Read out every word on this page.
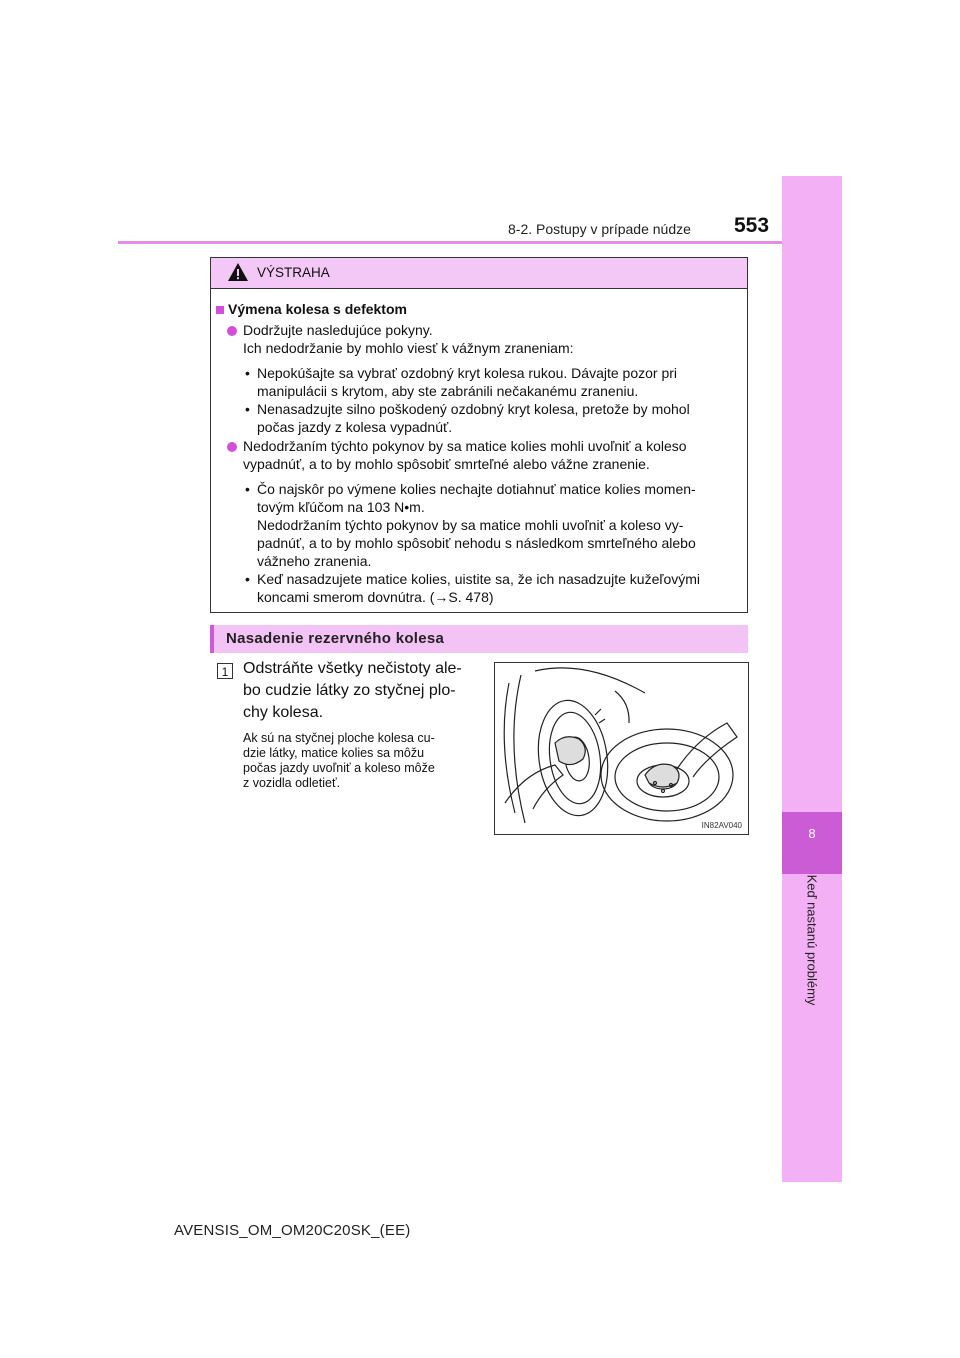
8
Keď nastanú problémy
8-2. Postupy v prípade núdze 553
VÝSTRAHA
Výmena kolesa s defektom
Dodržujte nasledujúce pokyny.
Ich nedodržanie by mohlo viesť k vážnym zraneniam:
• Nepokúšajte sa vybrať ozdobný kryt kolesa rukou. Dávajte pozor pri
manipulácii s krytom, aby ste zabránili nečakanému zraneniu.
• Nenasadzujte silno poškodený ozdobný kryt kolesa, pretože by mohol
počas jazdy z kolesa vypadnúť.
Nedodržaním týchto pokynov by sa matice kolies mohli uvoľniť a koleso
vypadnúť, a to by mohlo spôsobiť smrteľné alebo vážne zranenie.
• Čo najskôr po výmene kolies nechajte dotiahnuť matice kolies momen-
tovým kľúčom na 103 N•m.
Nedodržaním týchto pokynov by sa matice mohli uvoľniť a koleso vy-
padnúť, a to by mohlo spôsobiť nehodu s následkom smrteľného alebo
vážneho zranenia.
• Keď nasadzujete matice kolies, uistite sa, že ich nasadzujte kužeľovými
koncami smerom dovnútra. (→S. 478)
Nasadenie rezervného kolesa
1 Odstráňte všetky nečistoty ale-
bo cudzie látky zo styčnej plo-
chy kolesa.
Ak sú na styčnej ploche kolesa cu-
dzie látky, matice kolies sa môžu
počas jazdy uvoľniť a koleso môže
z vozidla odletieť.
IN82AV040
AVENSIS_OM_OM20C20SK_(EE)
